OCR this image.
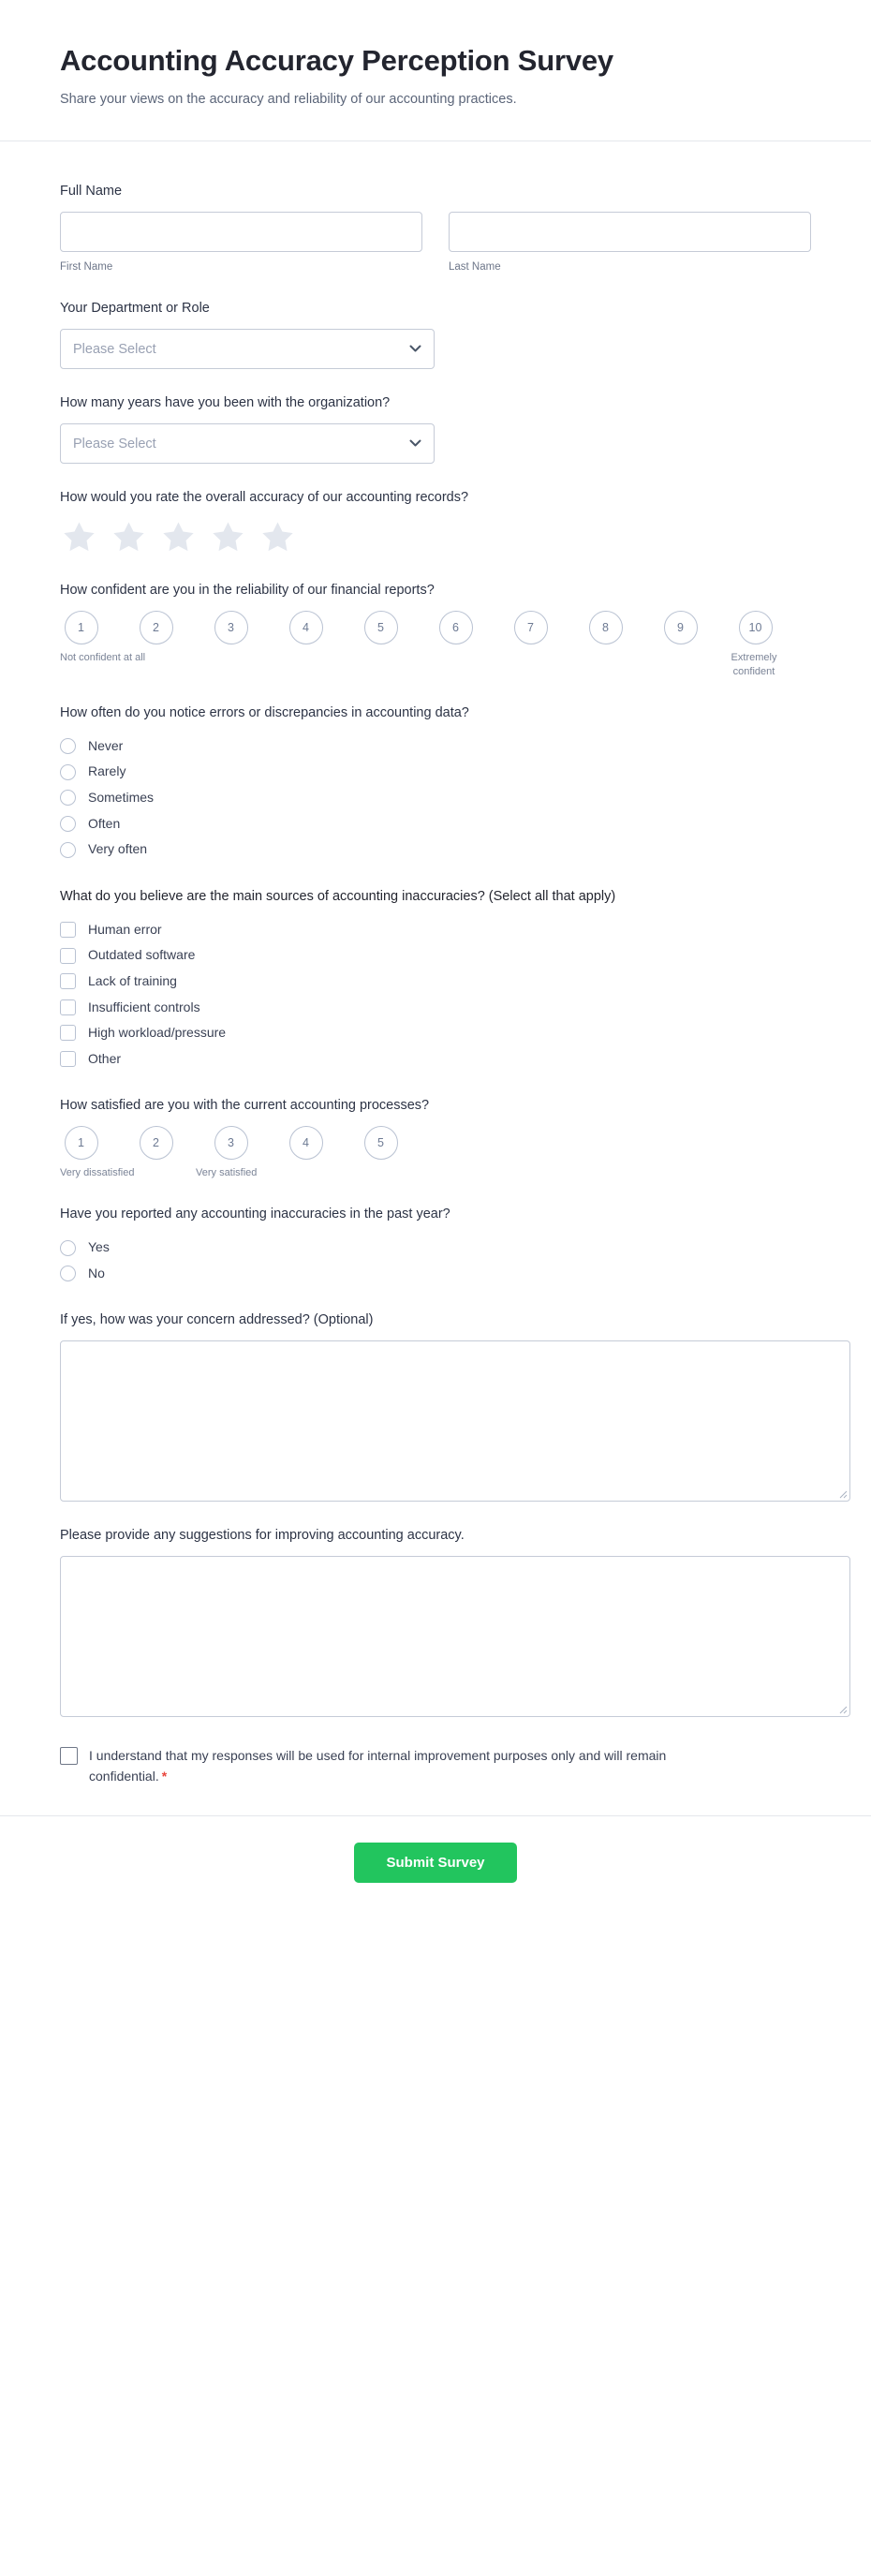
Accounting Accuracy Perception Survey

Share your views on the accuracy and reliability of our accounting practices.

Full Name
First Name	Last Name
Your Department or Role
Please Select
How many years have you been with the organization?
Please Select
How would you rate the overall accuracy of our accounting records?
How confident are you in the reliability of our financial reports?
1	2	3	4	5	6	7	8	9	10
Not confident at all	Extremely confident
How often do you notice errors or discrepancies in accounting data?
Never
Rarely
Sometimes
Often
Very often
What do you believe are the main sources of accounting inaccuracies? (Select all that apply)
Human error
Outdated software
Lack of training
Insufficient controls
High workload/pressure
Other
How satisfied are you with the current accounting processes?
1	2	3	4	5
Very dissatisfied	Very satisfied
Have you reported any accounting inaccuracies in the past year?
Yes
No
If yes, how was your concern addressed? (Optional)
Please provide any suggestions for improving accounting accuracy.
I understand that my responses will be used for internal improvement purposes only and will remain confidential. *
Submit Survey
